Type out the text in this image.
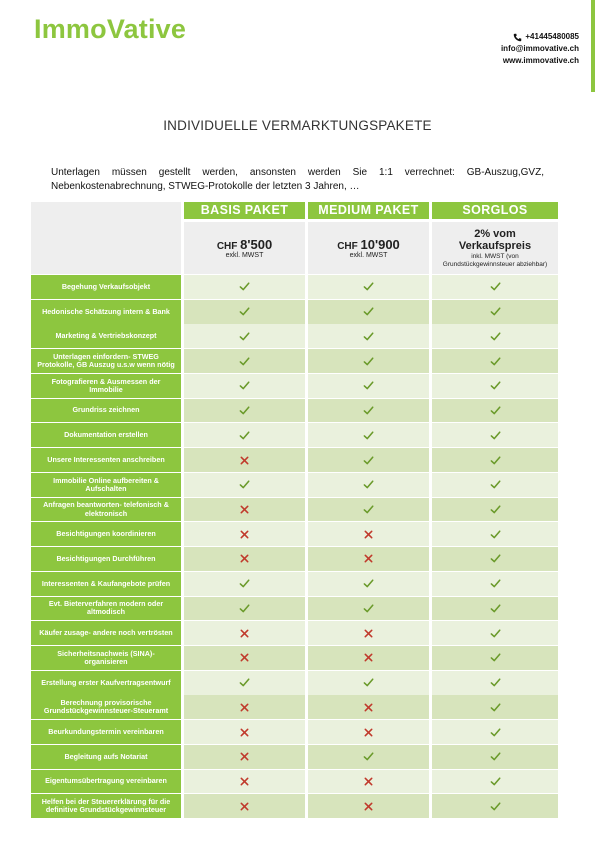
ImmoVative	+41445480085
info@immovative.ch
www.immovative.ch
INDIVIDUELLE VERMARKTUNGSPAKETE
Unterlagen müssen gestellt werden, ansonsten werden Sie 1:1 verrechnet: GB-Auszug,GVZ, Nebenkostenabrechnung, STWEG-Protokolle der letzten 3 Jahren, …
BASIS PAKET
CHF 8'500
exkl. MWST
MEDIUM PAKET
CHF 10'900
exkl. MWST
SORGLOS
2% vom
Verkaufspreis
inkl. MWST (von Grundstückgewinnsteuer abziehbar)
Begehung Verkaufsobjekt
Hedonische Schätzung intern & Bank
Marketing & Vertriebskonzept
Unterlagen einfordern- STWEG Protokolle, GB Auszug u.s.w wenn nötig
Fotografieren & Ausmessen der Immobilie
Grundriss zeichnen
Dokumentation erstellen
Unsere Interessenten anschreiben
Immobilie Online aufbereiten & Aufschalten
Anfragen beantworten- telefonisch & elektronisch
Besichtigungen koordinieren
Besichtigungen Durchführen
Interessenten & Kaufangebote prüfen
Evt. Bieterverfahren modern oder altmodisch
Käufer zusage- andere noch vertrösten
Sicherheitsnachweis (SINA)- organisieren
Erstellung erster Kaufvertragsentwurf
Berechnung provisorische Grundstückgewinnsteuer-Steueramt
Beurkundungstermin vereinbaren
Begleitung aufs Notariat
Eigentumsübertragung vereinbaren
Helfen bei der Steuererklärung für die definitive Grundstückgewinnsteuer
